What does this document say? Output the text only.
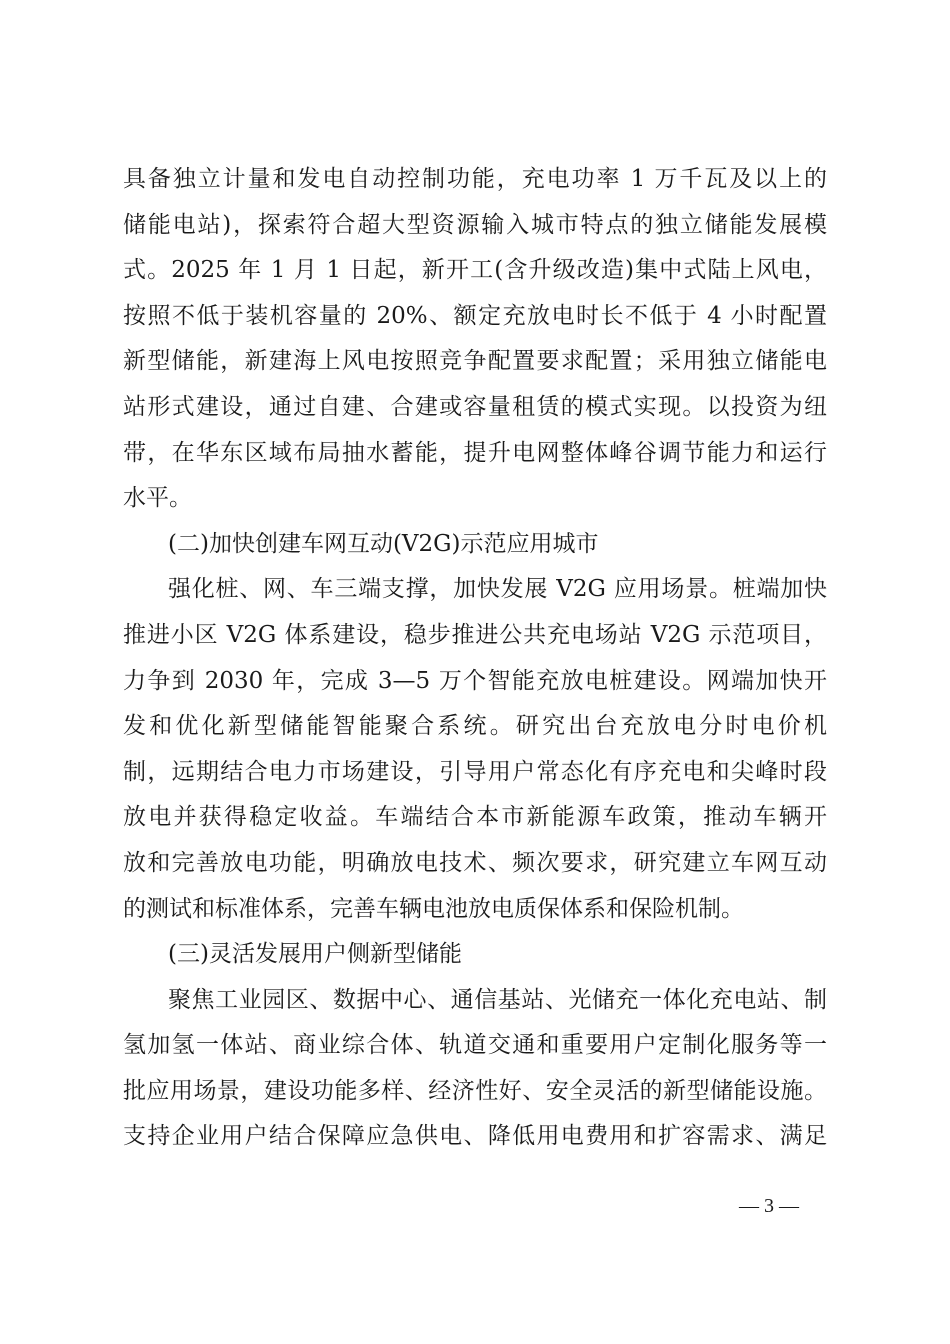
具备独立计量和发电自动控制功能，充电功率 1 万千瓦及以上的
储能电站)，探索符合超大型资源输入城市特点的独立储能发展模
式。2025 年 1 月 1 日起，新开工(含升级改造)集中式陆上风电，
按照不低于装机容量的 20%、额定充放电时长不低于 4 小时配置
新型储能，新建海上风电按照竞争配置要求配置；采用独立储能电
站形式建设，通过自建、合建或容量租赁的模式实现。以投资为纽
带，在华东区域布局抽水蓄能，提升电网整体峰谷调节能力和运行
水平。
(二)加快创建车网互动(V2G)示范应用城市
强化桩、网、车三端支撑，加快发展 V2G 应用场景。桩端加快
推进小区 V2G 体系建设，稳步推进公共充电场站 V2G 示范项目，
力争到 2030 年，完成 3—5 万个智能充放电桩建设。网端加快开
发和优化新型储能智能聚合系统。研究出台充放电分时电价机
制，远期结合电力市场建设，引导用户常态化有序充电和尖峰时段
放电并获得稳定收益。车端结合本市新能源车政策，推动车辆开
放和完善放电功能，明确放电技术、频次要求，研究建立车网互动
的测试和标准体系，完善车辆电池放电质保体系和保险机制。
(三)灵活发展用户侧新型储能
聚焦工业园区、数据中心、通信基站、光储充一体化充电站、制
氢加氢一体站、商业综合体、轨道交通和重要用户定制化服务等一
批应用场景，建设功能多样、经济性好、安全灵活的新型储能设施。
支持企业用户结合保障应急供电、降低用电费用和扩容需求、满足
— 3 —
